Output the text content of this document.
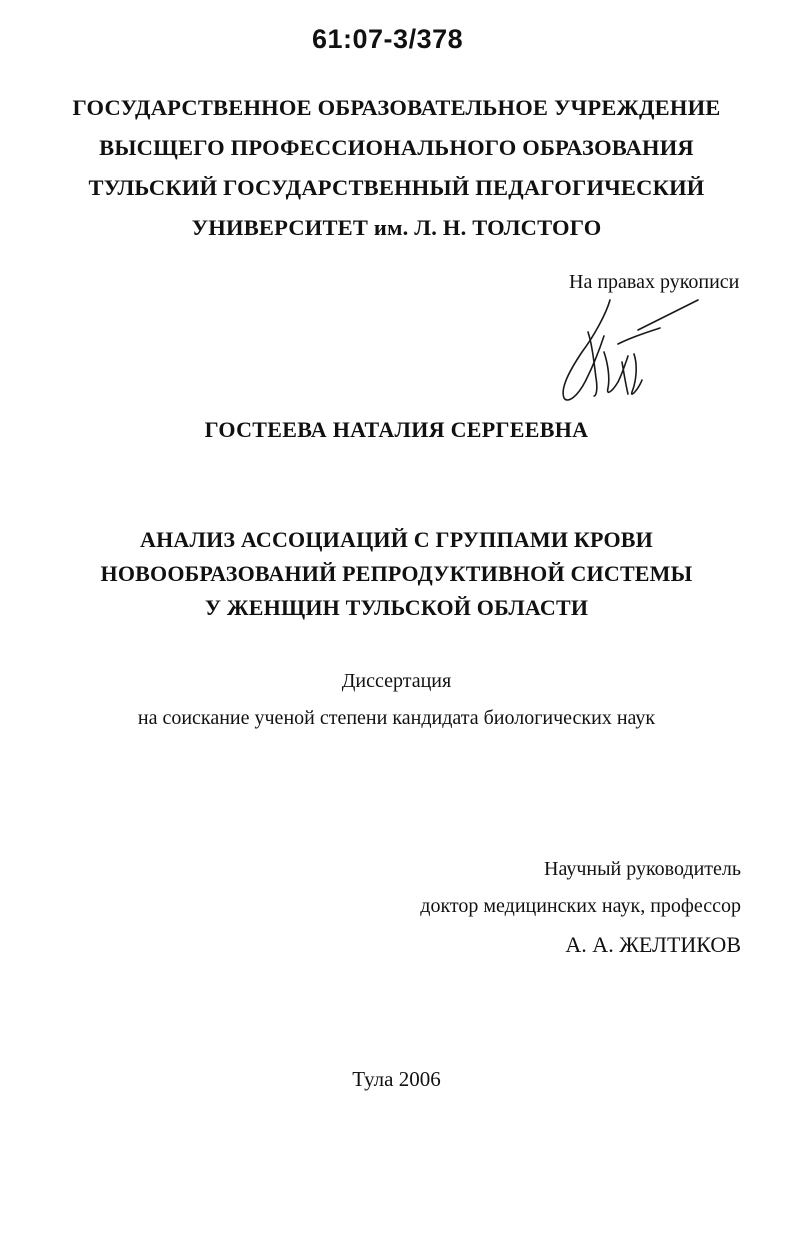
61:07-3/378
ГОСУДАРСТВЕННОЕ ОБРАЗОВАТЕЛЬНОЕ УЧРЕЖДЕНИЕ
ВЫСЩЕГО ПРОФЕССИОНАЛЬНОГО ОБРАЗОВАНИЯ
ТУЛЬСКИЙ ГОСУДАРСТВЕННЫЙ ПЕДАГОГИЧЕСКИЙ
УНИВЕРСИТЕТ им. Л. Н. ТОЛСТОГО
На правах рукописи
ГОСТЕЕВА НАТАЛИЯ СЕРГЕЕВНА
АНАЛИЗ АССОЦИАЦИЙ С ГРУППАМИ КРОВИ
НОВООБРАЗОВАНИЙ РЕПРОДУКТИВНОЙ СИСТЕМЫ
У ЖЕНЩИН ТУЛЬСКОЙ ОБЛАСТИ
Диссертация
на соискание ученой степени кандидата биологических наук
Научный руководитель
доктор медицинских наук, профессор
А. А. ЖЕЛТИКОВ
Тула 2006
